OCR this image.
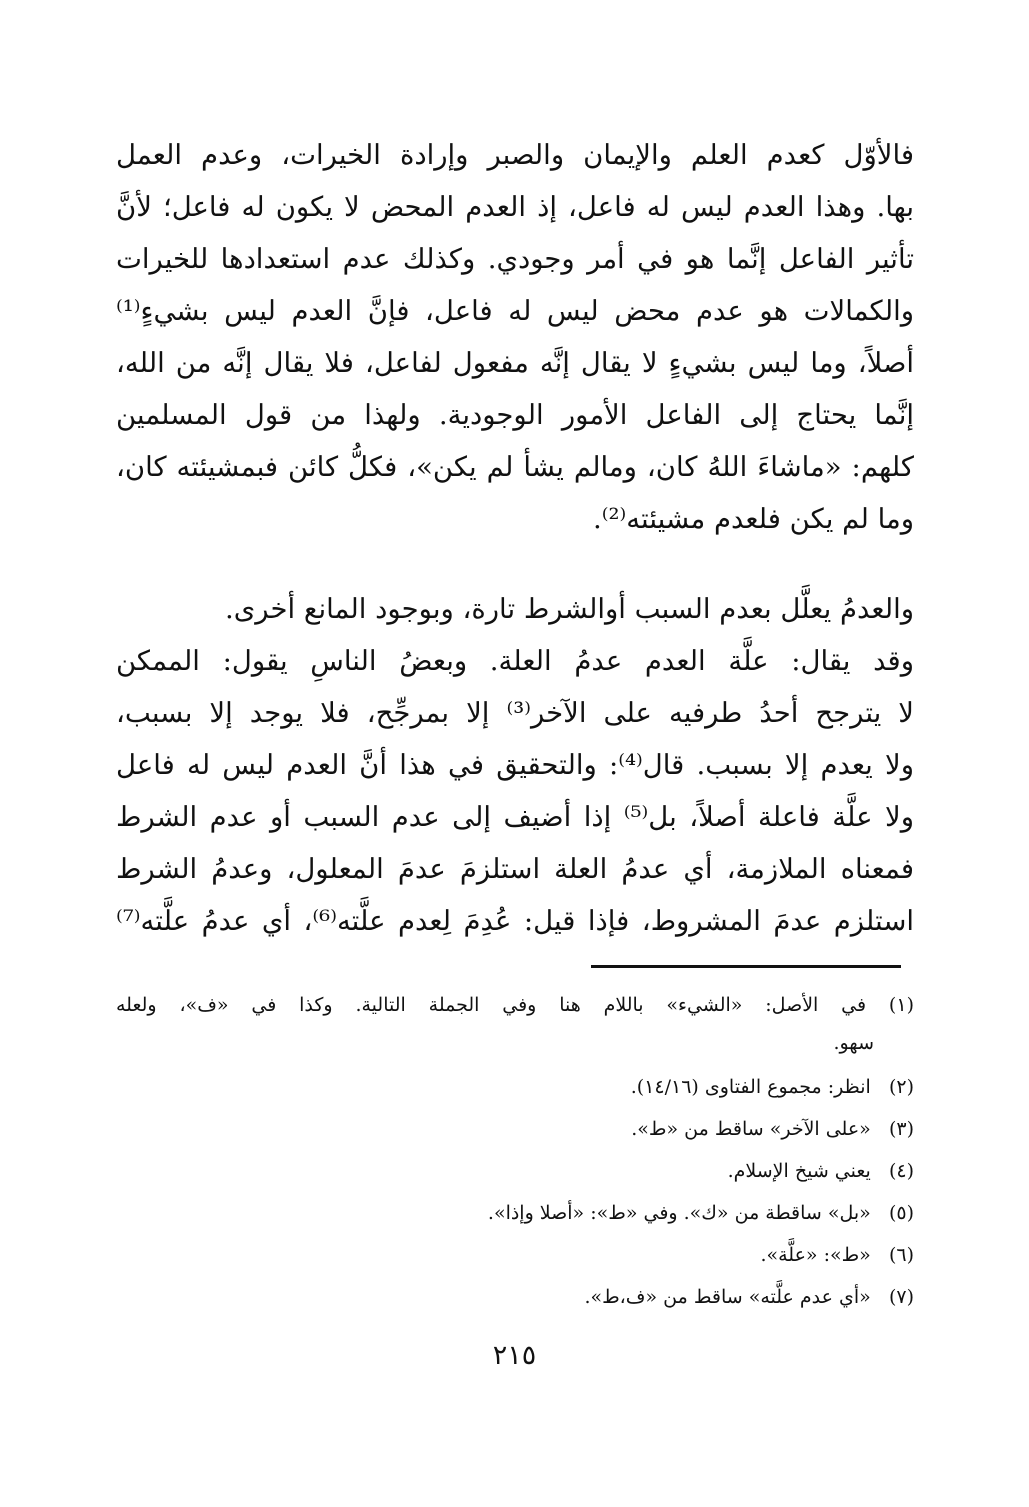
فالأوّل كعدم العلم والإيمان والصبر وإرادة الخيرات، وعدم العمل
بها. وهذا العدم ليس له فاعل، إذ العدم المحض لا يكون له فاعل؛ لأنَّ
تأثير الفاعل إنَّما هو في أمر وجودي. وكذلك عدم استعدادها للخيرات
والكمالات هو عدم محض ليس له فاعل، فإنَّ العدم ليس بشيءٍ⁽¹⁾
أصلاً، وما ليس بشيءٍ لا يقال إنَّه مفعول لفاعل، فلا يقال إنَّه من الله،
إنَّما يحتاج إلى الفاعل الأمور الوجودية. ولهذا من قول المسلمين
كلهم: «ماشاءَ اللهُ كان، ومالم يشأ لم يكن»، فكلُّ كائن فبمشيئته كان،
وما لم يكن فلعدم مشيئته⁽²⁾.
والعدمُ يعلَّل بعدم السبب أوالشرط تارة، وبوجود المانع أخرى.
وقد يقال: علَّة العدم عدمُ العلة. وبعضُ الناسِ يقول: الممكن
لا يترجح أحدُ طرفيه على الآخر⁽³⁾ إلا بمرجِّح، فلا يوجد إلا بسبب،
ولا يعدم إلا بسبب. قال⁽⁴⁾: والتحقيق في هذا أنَّ العدم ليس له فاعل
ولا علَّة فاعلة أصلاً، بل⁽⁵⁾ إذا أضيف إلى عدم السبب أو عدم الشرط
فمعناه الملازمة، أي عدمُ العلة استلزمَ عدمَ المعلول، وعدمُ الشرط
استلزم عدمَ المشروط، فإذا قيل: عُدِمَ لِعدم علَّته⁽⁶⁾، أي عدمُ علَّته⁽⁷⁾
(١) في الأصل: «الشيء» باللام هنا وفي الجملة التالية. وكذا في «ف»، ولعله
سهو.
(٢)   انظر: مجموع الفتاوى (١٤/١٦).
(٣)   «على الآخر» ساقط من «ط».
(٤)   يعني شيخ الإسلام.
(٥)   «بل» ساقطة من «ك». وفي «ط»: «أصلا وإذا».
(٦)   «ط»: «علَّة».
(٧)   «أي عدم علَّته» ساقط من «ف،ط».
٢١٥
